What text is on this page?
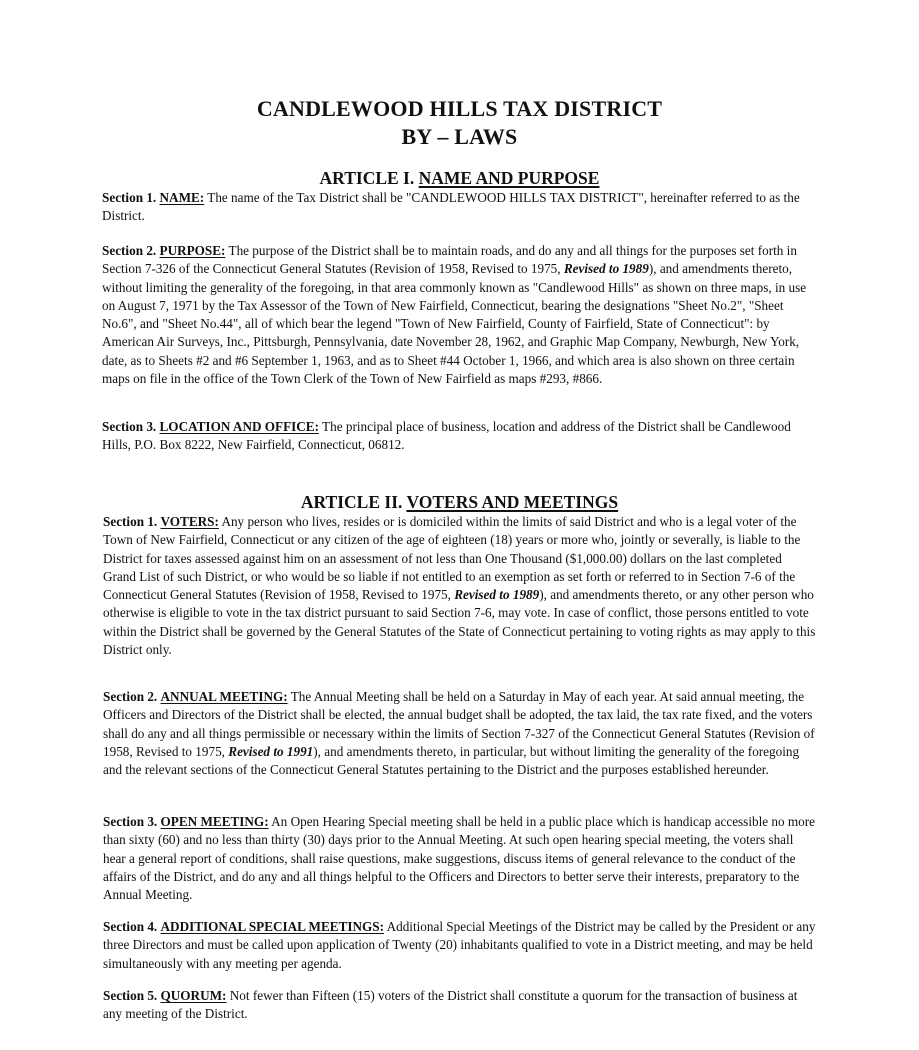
CANDLEWOOD HILLS TAX DISTRICT
BY – LAWS
ARTICLE I. NAME AND PURPOSE
Section 1. NAME: The name of the Tax District shall be "CANDLEWOOD HILLS TAX DISTRICT", hereinafter referred to as the District.
Section 2. PURPOSE: The purpose of the District shall be to maintain roads, and do any and all things for the purposes set forth in Section 7-326 of the Connecticut General Statutes (Revision of 1958, Revised to 1975, Revised to 1989), and amendments thereto, without limiting the generality of the foregoing, in that area commonly known as "Candlewood Hills" as shown on three maps, in use on August 7, 1971 by the Tax Assessor of the Town of New Fairfield, Connecticut, bearing the designations "Sheet No.2", "Sheet No.6", and "Sheet No.44", all of which bear the legend "Town of New Fairfield, County of Fairfield, State of Connecticut": by American Air Surveys, Inc., Pittsburgh, Pennsylvania, date November 28, 1962, and Graphic Map Company, Newburgh, New York, date, as to Sheets #2 and #6 September 1, 1963, and as to Sheet #44 October 1, 1966, and which area is also shown on three certain maps on file in the office of the Town Clerk of the Town of New Fairfield as maps #293, #866.
Section 3. LOCATION AND OFFICE: The principal place of business, location and address of the District shall be Candlewood Hills, P.O. Box 8222, New Fairfield, Connecticut, 06812.
ARTICLE II. VOTERS AND MEETINGS
Section 1. VOTERS: Any person who lives, resides or is domiciled within the limits of said District and who is a legal voter of the Town of New Fairfield, Connecticut or any citizen of the age of eighteen (18) years or more who, jointly or severally, is liable to the District for taxes assessed against him on an assessment of not less than One Thousand ($1,000.00) dollars on the last completed Grand List of such District, or who would be so liable if not entitled to an exemption as set forth or referred to in Section 7-6 of the Connecticut General Statutes (Revision of 1958, Revised to 1975, Revised to 1989), and amendments thereto, or any other person who otherwise is eligible to vote in the tax district pursuant to said Section 7-6, may vote. In case of conflict, those persons entitled to vote within the District shall be governed by the General Statutes of the State of Connecticut pertaining to voting rights as may apply to this District only.
Section 2. ANNUAL MEETING: The Annual Meeting shall be held on a Saturday in May of each year. At said annual meeting, the Officers and Directors of the District shall be elected, the annual budget shall be adopted, the tax laid, the tax rate fixed, and the voters shall do any and all things permissible or necessary within the limits of Section 7-327 of the Connecticut General Statutes (Revision of 1958, Revised to 1975, Revised to 1991), and amendments thereto, in particular, but without limiting the generality of the foregoing and the relevant sections of the Connecticut General Statutes pertaining to the District and the purposes established hereunder.
Section 3. OPEN MEETING: An Open Hearing Special meeting shall be held in a public place which is handicap accessible no more than sixty (60) and no less than thirty (30) days prior to the Annual Meeting. At such open hearing special meeting, the voters shall hear a general report of conditions, shall raise questions, make suggestions, discuss items of general relevance to the conduct of the affairs of the District, and do any and all things helpful to the Officers and Directors to better serve their interests, preparatory to the Annual Meeting.
Section 4. ADDITIONAL SPECIAL MEETINGS: Additional Special Meetings of the District may be called by the President or any three Directors and must be called upon application of Twenty (20) inhabitants qualified to vote in a District meeting, and may be held simultaneously with any meeting per agenda.
Section 5. QUORUM: Not fewer than Fifteen (15) voters of the District shall constitute a quorum for the transaction of business at any meeting of the District.
